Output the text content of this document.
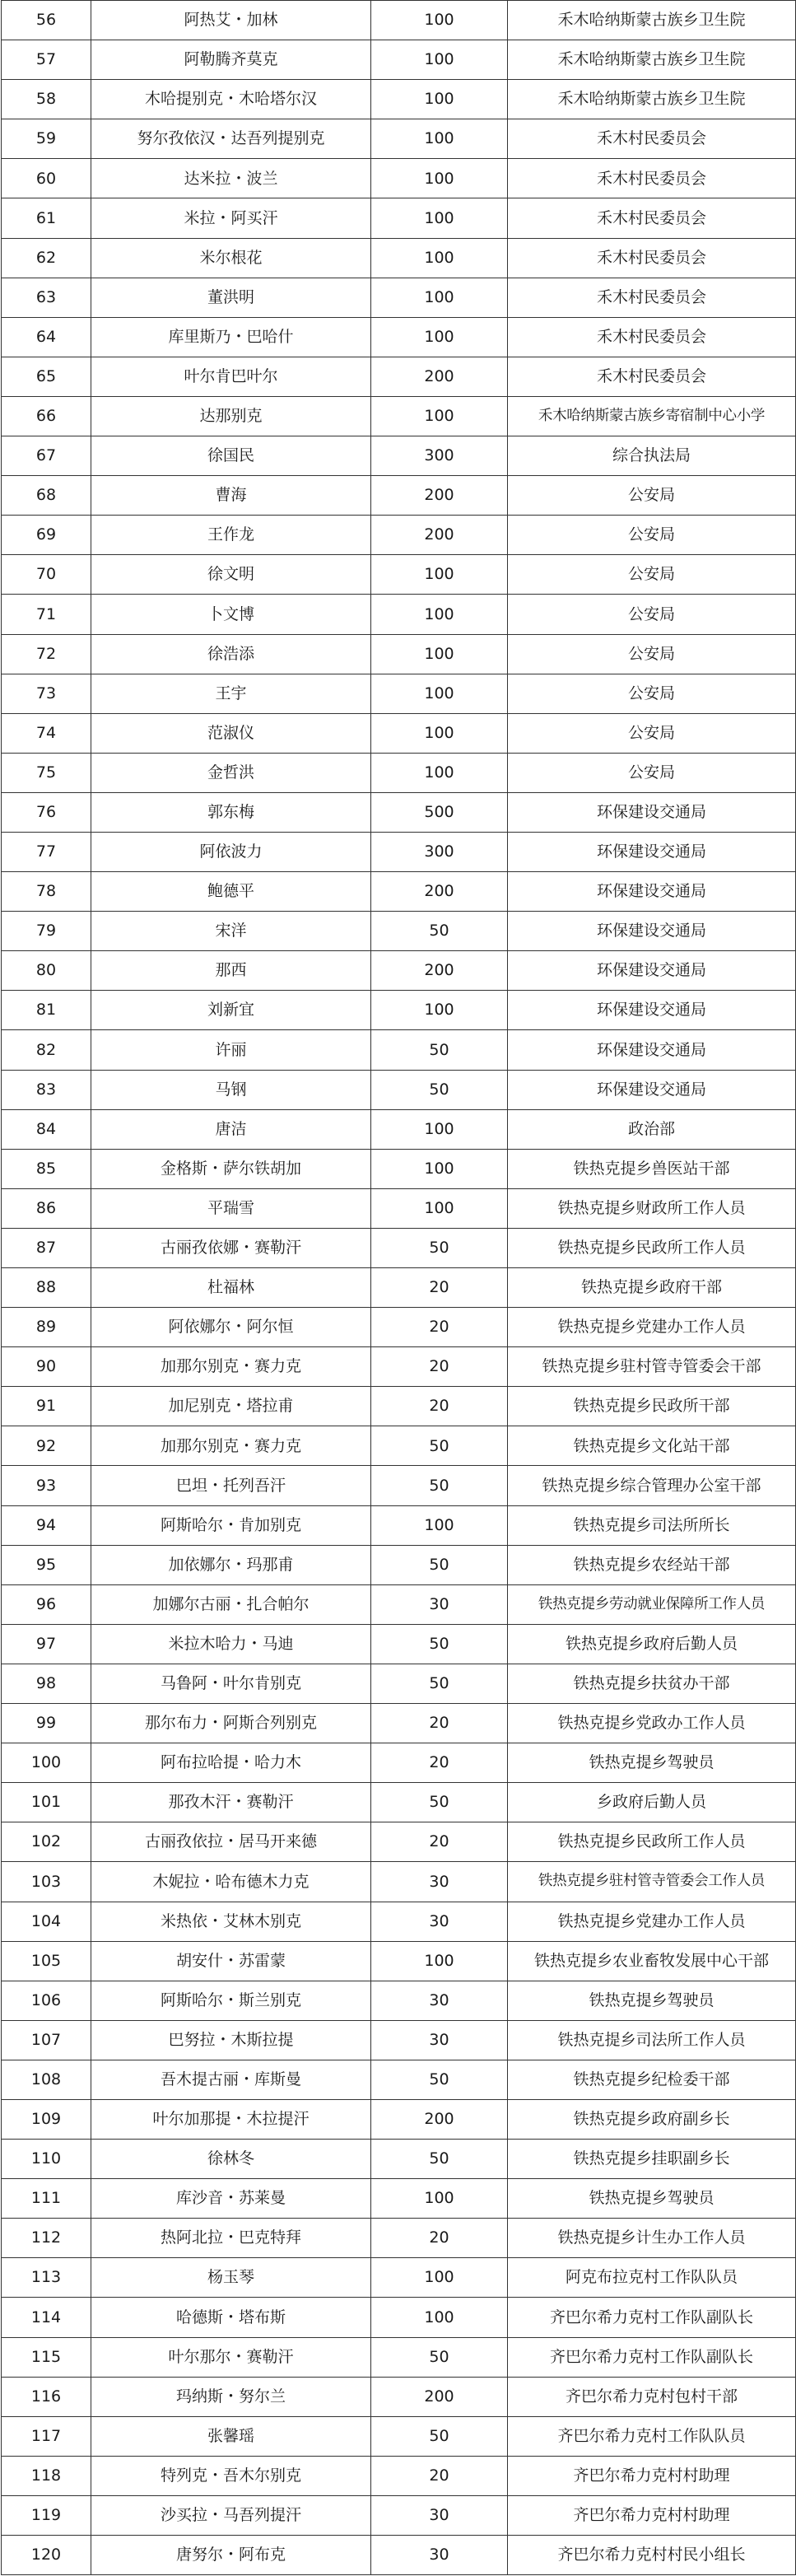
56	阿热艾・加林	100	禾木哈纳斯蒙古族乡卫生院
57	阿勒腾齐莫克	100	禾木哈纳斯蒙古族乡卫生院
58	木哈提别克・木哈塔尔汉	100	禾木哈纳斯蒙古族乡卫生院
59	努尔孜依汉・达吾列提别克	100	禾木村民委员会
60	达米拉・波兰	100	禾木村民委员会
61	米拉・阿买汗	100	禾木村民委员会
62	米尔根花	100	禾木村民委员会
63	董洪明	100	禾木村民委员会
64	库里斯乃・巴哈什	100	禾木村民委员会
65	叶尔肯巴叶尔	200	禾木村民委员会
66	达那别克	100	禾木哈纳斯蒙古族乡寄宿制中心小学
67	徐国民	300	综合执法局
68	曹海	200	公安局
69	王作龙	200	公安局
70	徐文明	100	公安局
71	卜文博	100	公安局
72	徐浩添	100	公安局
73	王宇	100	公安局
74	范淑仪	100	公安局
75	金哲洪	100	公安局
76	郭东梅	500	环保建设交通局
77	阿依波力	300	环保建设交通局
78	鲍德平	200	环保建设交通局
79	宋洋	50	环保建设交通局
80	那西	200	环保建设交通局
81	刘新宜	100	环保建设交通局
82	许丽	50	环保建设交通局
83	马钢	50	环保建设交通局
84	唐洁	100	政治部
85	金格斯・萨尔铁胡加	100	铁热克提乡兽医站干部
86	平瑞雪	100	铁热克提乡财政所工作人员
87	古丽孜依娜・赛勒汗	50	铁热克提乡民政所工作人员
88	杜福林	20	铁热克提乡政府干部
89	阿依娜尔・阿尔恒	20	铁热克提乡党建办工作人员
90	加那尔别克・赛力克	20	铁热克提乡驻村管寺管委会干部
91	加尼别克・塔拉甫	20	铁热克提乡民政所干部
92	加那尔别克・赛力克	50	铁热克提乡文化站干部
93	巴坦・托列吾汗	50	铁热克提乡综合管理办公室干部
94	阿斯哈尔・肯加别克	100	铁热克提乡司法所所长
95	加依娜尔・玛那甫	50	铁热克提乡农经站干部
96	加娜尔古丽・扎合帕尔	30	铁热克提乡劳动就业保障所工作人员
97	米拉木哈力・马迪	50	铁热克提乡政府后勤人员
98	马鲁阿・叶尔肯别克	50	铁热克提乡扶贫办干部
99	那尔布力・阿斯合列别克	20	铁热克提乡党政办工作人员
100	阿布拉哈提・哈力木	20	铁热克提乡驾驶员
101	那孜木汗・赛勒汗	50	乡政府后勤人员
102	古丽孜依拉・居马开来德	20	铁热克提乡民政所工作人员
103	木妮拉・哈布德木力克	30	铁热克提乡驻村管寺管委会工作人员
104	米热依・艾林木别克	30	铁热克提乡党建办工作人员
105	胡安什・苏雷蒙	100	铁热克提乡农业畜牧发展中心干部
106	阿斯哈尔・斯兰别克	30	铁热克提乡驾驶员
107	巴努拉・木斯拉提	30	铁热克提乡司法所工作人员
108	吾木提古丽・库斯曼	50	铁热克提乡纪检委干部
109	叶尔加那提・木拉提汗	200	铁热克提乡政府副乡长
110	徐林冬	50	铁热克提乡挂职副乡长
111	库沙音・苏莱曼	100	铁热克提乡驾驶员
112	热阿北拉・巴克特拜	20	铁热克提乡计生办工作人员
113	杨玉琴	100	阿克布拉克村工作队队员
114	哈德斯・塔布斯	100	齐巴尔希力克村工作队副队长
115	叶尔那尔・赛勒汗	50	齐巴尔希力克村工作队副队长
116	玛纳斯・努尔兰	200	齐巴尔希力克村包村干部
117	张馨瑶	50	齐巴尔希力克村工作队队员
118	特列克・吾木尔别克	20	齐巴尔希力克村村助理
119	沙买拉・马吾列提汗	30	齐巴尔希力克村村助理
120	唐努尔・阿布克	30	齐巴尔希力克村村民小组长
